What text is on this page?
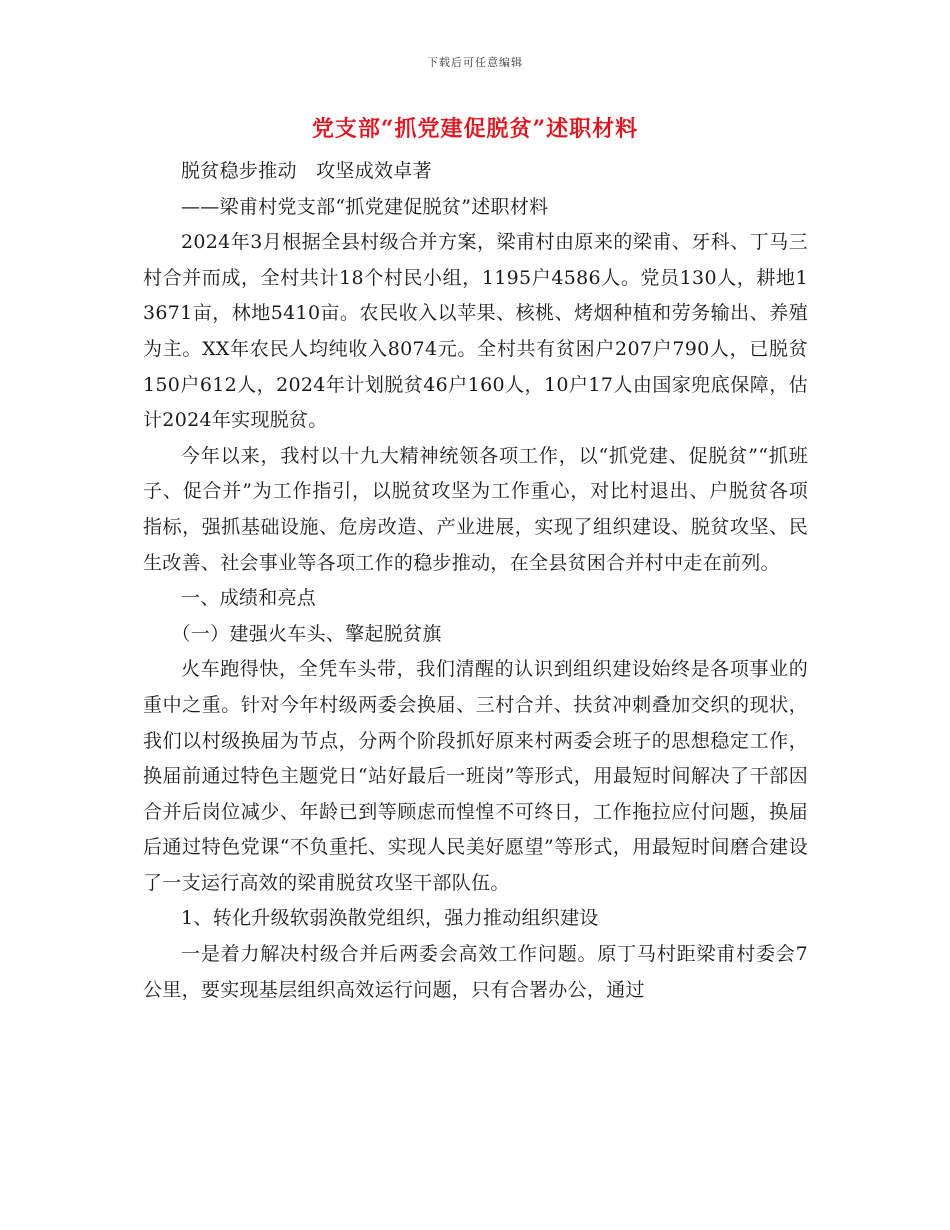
下载后可任意编辑
党支部“抓党建促脱贫”述职材料

脱贫稳步推动　攻坚成效卓著

——梁甫村党支部“抓党建促脱贫”述职材料

2024年3月根据全县村级合并方案，梁甫村由原来的梁甫、牙科、丁马三村合并而成，全村共计18个村民小组，1195户4586人。党员130人，耕地13671亩，林地5410亩。农民收入以苹果、核桃、烤烟种植和劳务输出、养殖为主。XX年农民人均纯收入8074元。全村共有贫困户207户790人，已脱贫150户612人，2024年计划脱贫46户160人，10户17人由国家兜底保障，估计2024年实现脱贫。

今年以来，我村以十九大精神统领各项工作，以“抓党建、促脱贫”“抓班子、促合并”为工作指引，以脱贫攻坚为工作重心，对比村退出、户脱贫各项指标，强抓基础设施、危房改造、产业进展，实现了组织建设、脱贫攻坚、民生改善、社会事业等各项工作的稳步推动，在全县贫困合并村中走在前列。

一、成绩和亮点

（一）建强火车头、擎起脱贫旗

火车跑得快，全凭车头带，我们清醒的认识到组织建设始终是各项事业的重中之重。针对今年村级两委会换届、三村合并、扶贫冲刺叠加交织的现状，我们以村级换届为节点，分两个阶段抓好原来村两委会班子的思想稳定工作，换届前通过特色主题党日“站好最后一班岗”等形式，用最短时间解决了干部因合并后岗位减少、年龄已到等顾虑而惶惶不可终日，工作拖拉应付问题，换届后通过特色党课“不负重托、实现人民美好愿望”等形式，用最短时间磨合建设了一支运行高效的梁甫脱贫攻坚干部队伍。

1、转化升级软弱涣散党组织，强力推动组织建设

一是着力解决村级合并后两委会高效工作问题。原丁马村距梁甫村委会7公里，要实现基层组织高效运行问题，只有合署办公，通过
